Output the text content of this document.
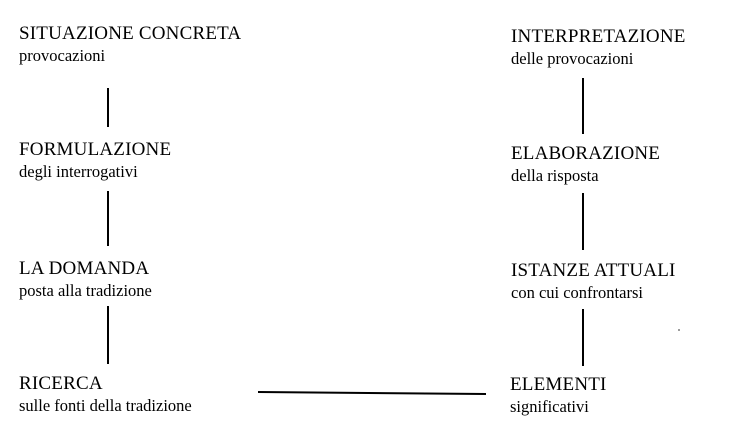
SITUAZIONE CONCRETA
provocazioni
FORMULAZIONE
degli interrogativi
LA DOMANDA
posta alla tradizione
RICERCA
sulle fonti della tradizione
INTERPRETAZIONE
delle provocazioni
ELABORAZIONE
della risposta
ISTANZE ATTUALI
con cui confrontarsi
ELEMENTI
significativi
